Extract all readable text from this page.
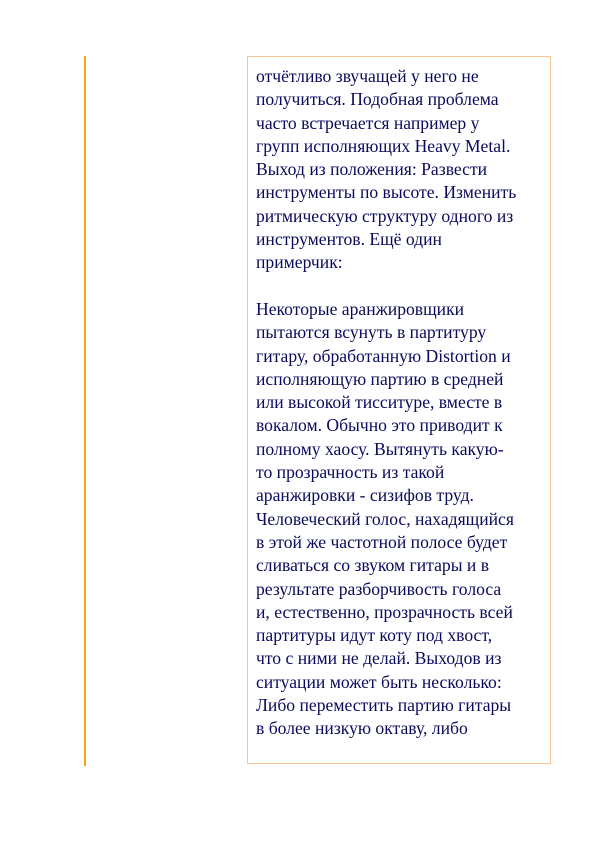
отчётливо звучащей у него не
получиться. Подобная проблема
часто встречается например у
групп исполняющих Heavy Metal.
Выход из положения: Развести
инструменты по высоте. Изменить
ритмическую структуру одного из
инструментов. Ещё один
примерчик:

Некоторые аранжировщики
пытаются всунуть в партитуру
гитару, обработанную Distortion и
исполняющую партию в средней
или высокой тисситуре, вместе в
вокалом. Обычно это приводит к
полному хаосу. Вытянуть какую-
то прозрачность из такой
аранжировки - сизифов труд.
Человеческий голос, нахадящийся
в этой же частотной полосе будет
сливаться со звуком гитары и в
результате разборчивость голоса
и, естественно, прозрачность всей
партитуры идут коту под хвост,
что с ними не делай. Выходов из
ситуации может быть несколько:
Либо переместить партию гитары
в более низкую октаву, либо
